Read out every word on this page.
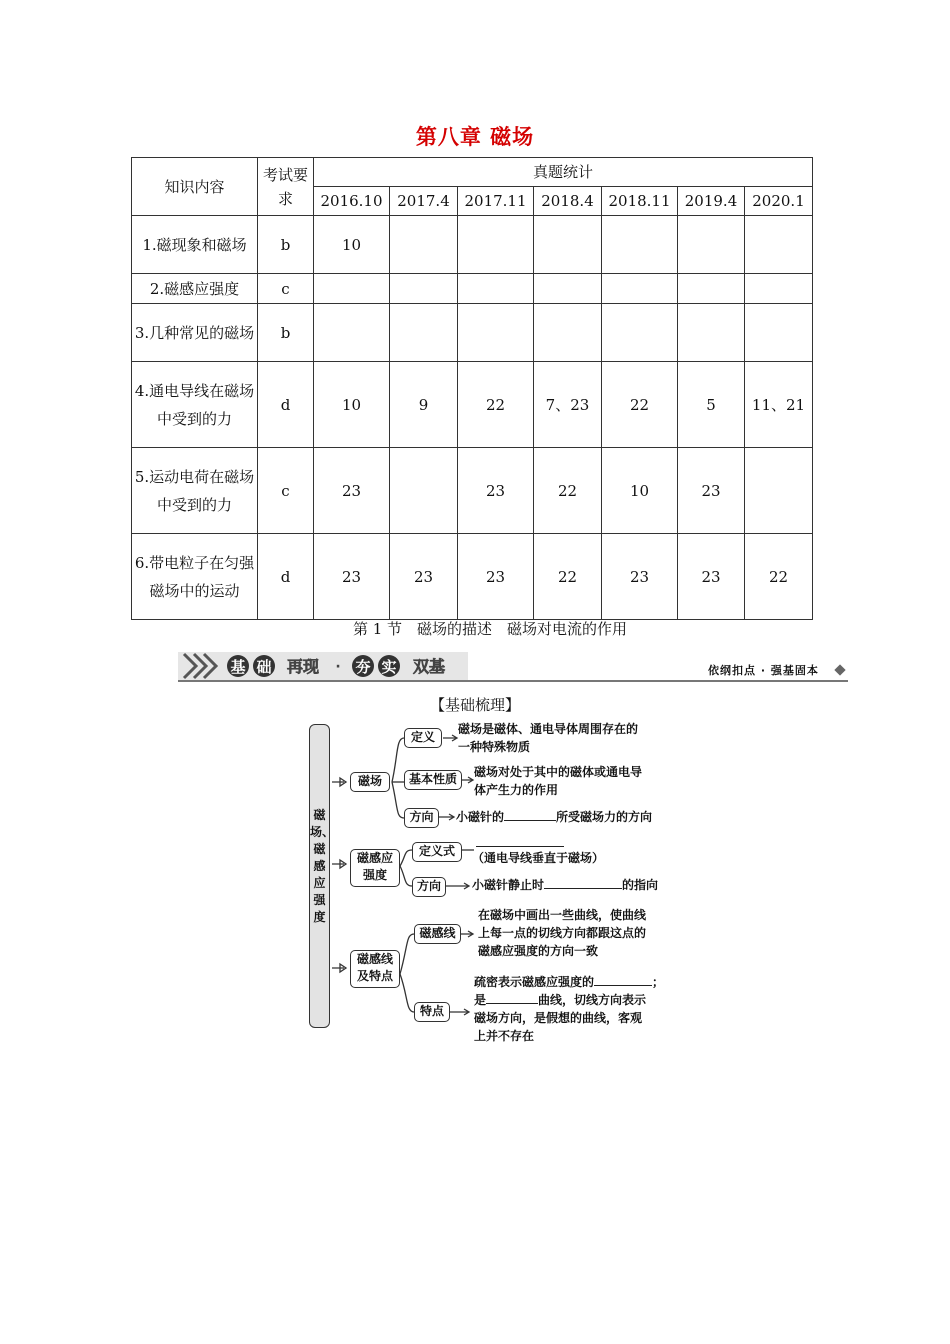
第八章 磁场
知识内容	考试要求	真题统计						
		2016.10	2017.4	2017.11	2018.4	2018.11	2019.4	2020.1
1.磁现象和磁场	b	10						
2.磁感应强度	c							
3.几种常见的磁场	b							
4.通电导线在磁场中受到的力	d	10	9	22	7、23	22	5	11、21
5.运动电荷在磁场中受到的力	c	23		23	22	10	23	
6.带电粒子在匀强磁场中的运动	d	23	23	23	22	23	23	22
第 1 节　磁场的描述　磁场对电流的作用
基 础 再现 · 夯 实 双基	依纲扣点 · 强基固本
【基础梳理】
磁场、磁感应强度
磁场
定义
磁场是磁体、通电导体周围存在的
一种特殊物质
基本性质	磁场对处于其中的磁体或通电导
体产生力的作用
方向	小磁针的	所受磁场力的方向
磁感应强度
定义式	（通电导线垂直于磁场）
方向	小磁针静止时	的指向
磁感线及特点
磁感线
在磁场中画出一些曲线，使曲线
上每一点的切线方向都跟这点的
磁感应强度的方向一致
特点
疏密表示磁感应强度的	；
是	曲线，切线方向表示
磁场方向，是假想的曲线，客观
上并不存在
